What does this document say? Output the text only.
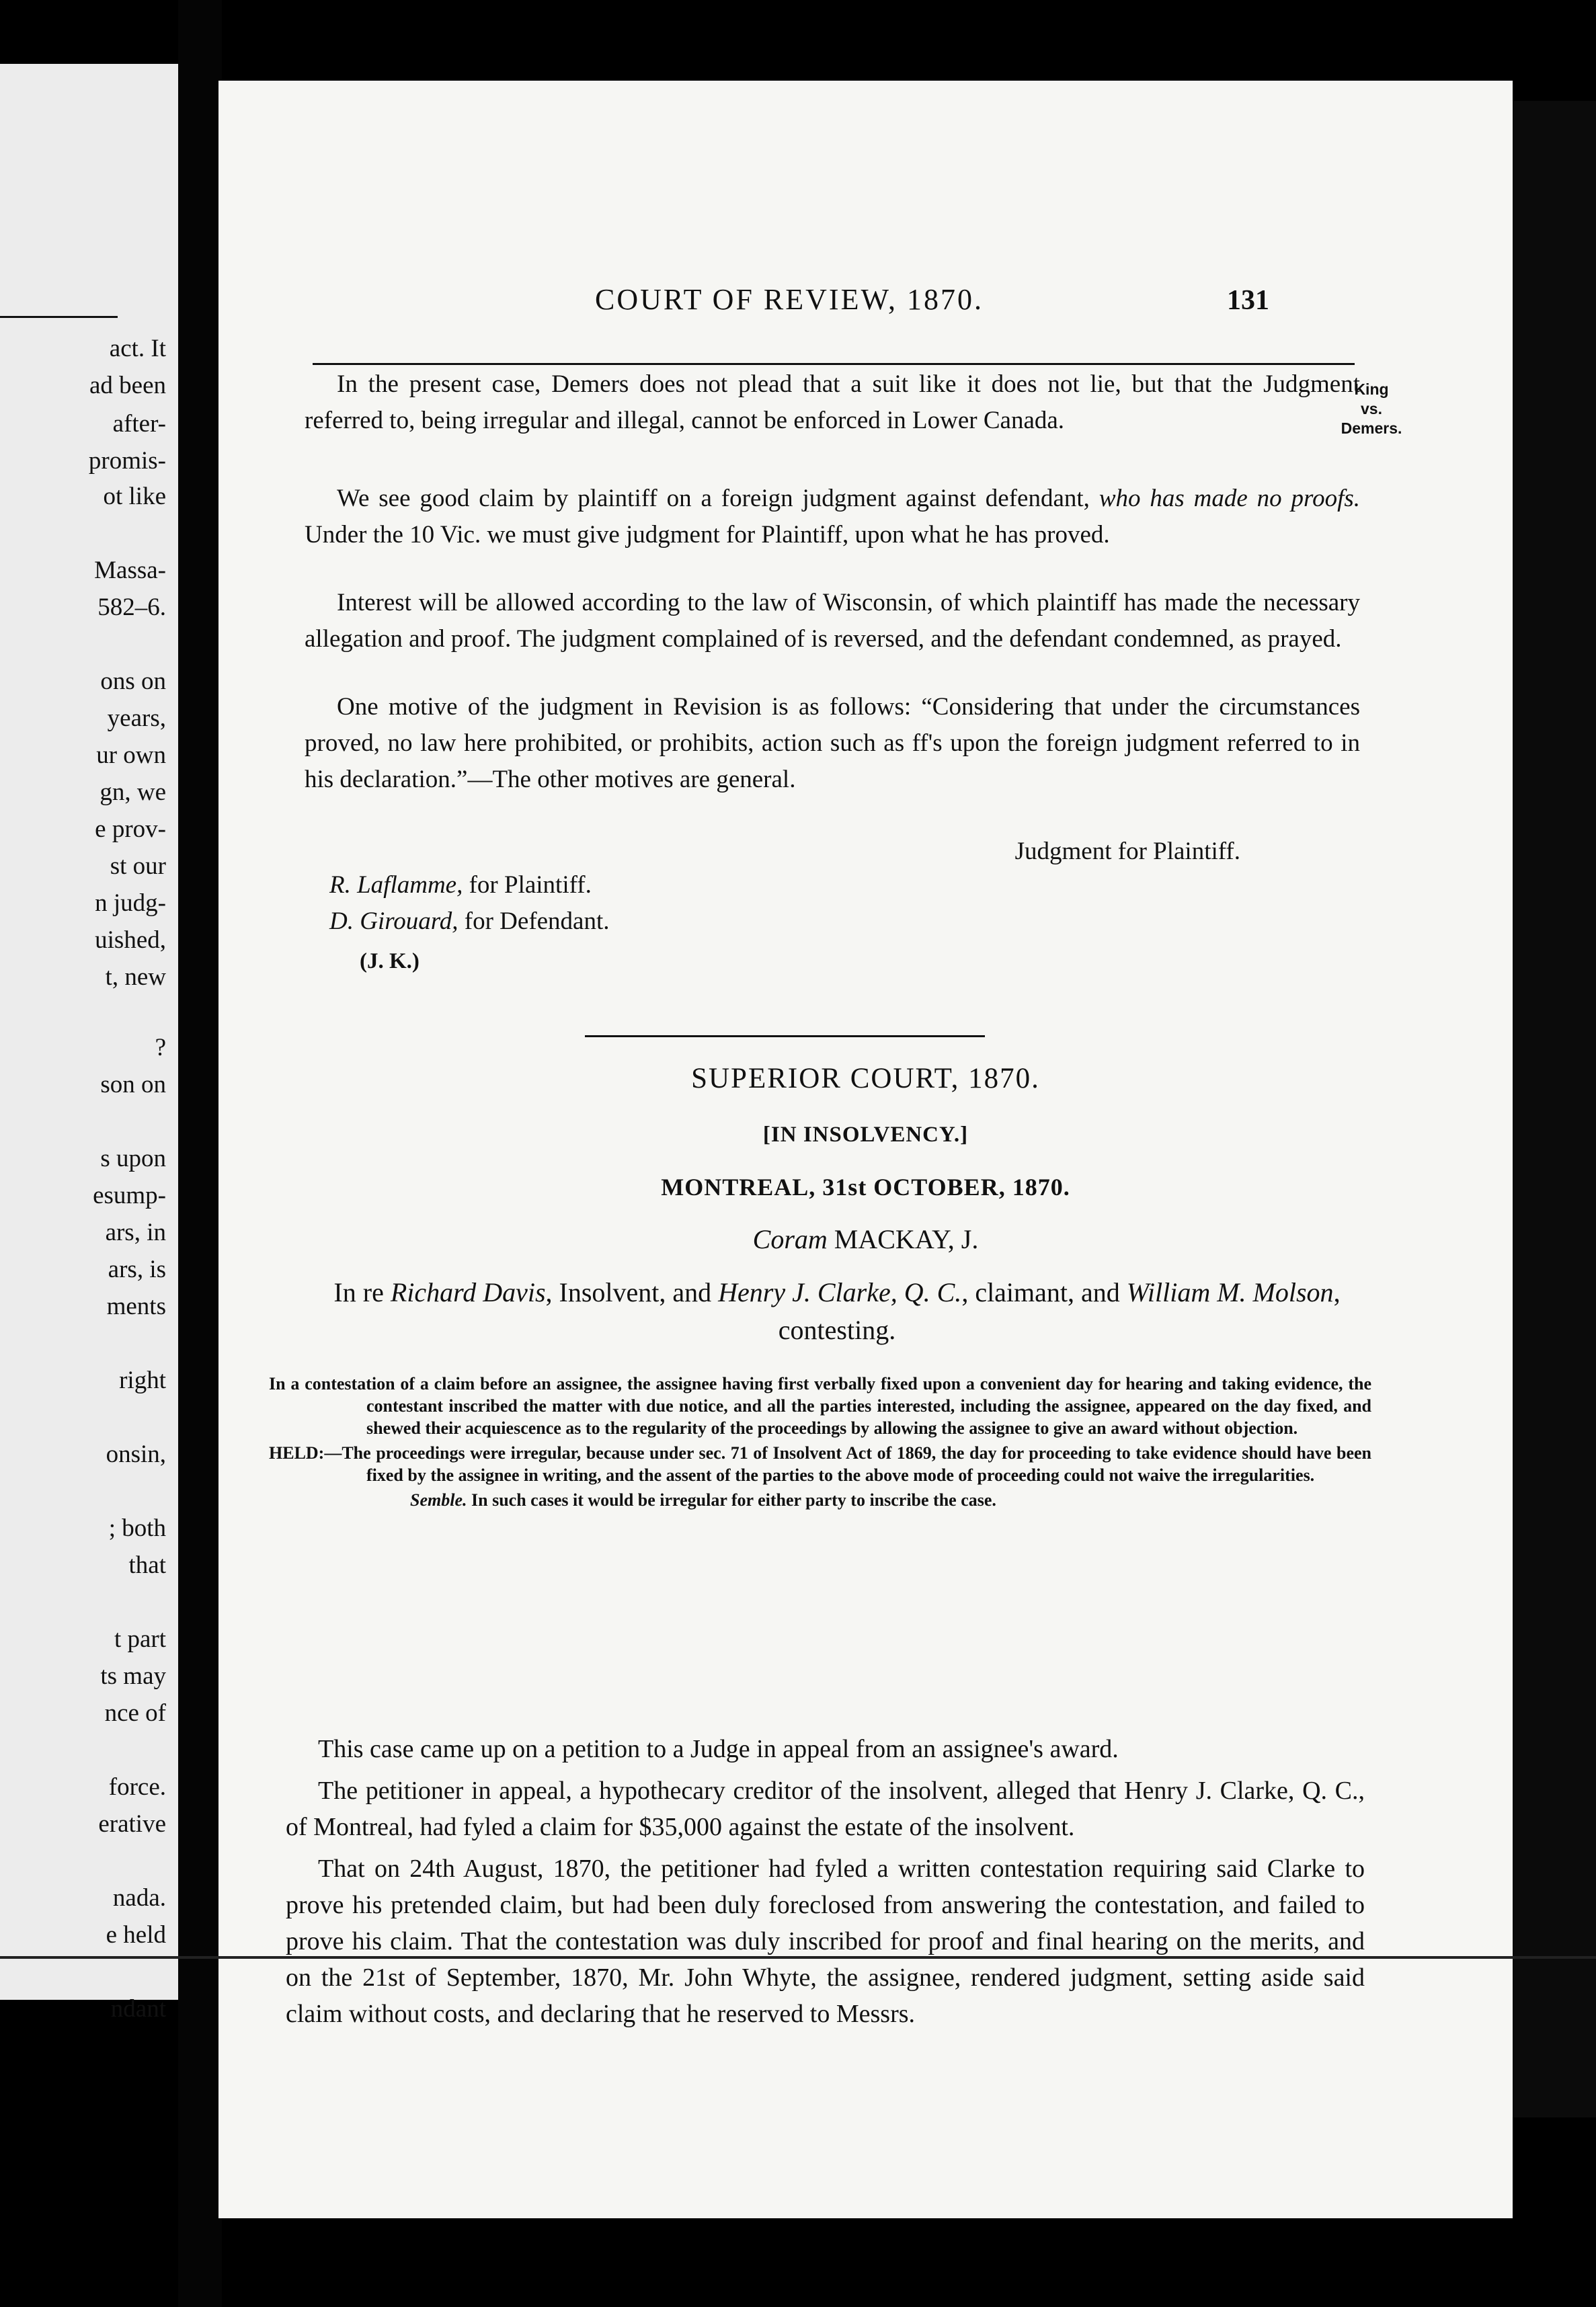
act. It
ad been
after-
promis-
ot like
Massa-
582–6.
ons on
years,
ur own
gn, we
e prov-
st our
n judg-
uished,
t, new
?
son on
s upon
esump-
ars, in
ars, is
ments
right
onsin,
; both
that
t part
ts may
nce of
force.
erative
nada.
e held
ndant
COURT OF REVIEW, 1870.	131
King
vs.
Demers.

In the present case, Demers does not plead that a suit like it does not lie, but that the Judgment referred to, being irregular and illegal, cannot be enforced in Lower Canada.

We see good claim by plaintiff on a foreign judgment against defendant, who has made no proofs. Under the 10 Vic. we must give judgment for Plaintiff, upon what he has proved.

Interest will be allowed according to the law of Wisconsin, of which plaintiff has made the necessary allegation and proof. The judgment complained of is reversed, and the defendant condemned, as prayed.

One motive of the judgment in Revision is as follows: “Considering that under the circumstances proved, no law here prohibited, or prohibits, action such as ff's upon the foreign judgment referred to in his declaration.”—The other motives are general.

Judgment for Plaintiff.
R. Laflamme, for Plaintiff.
D. Girouard, for Defendant.
(J. K.)
SUPERIOR COURT, 1870.
[IN INSOLVENCY.]
MONTREAL, 31st OCTOBER, 1870.
Coram MACKAY, J.
In re Richard Davis, Insolvent, and Henry J. Clarke, Q. C., claimant, and William M. Molson, contesting.

In a contestation of a claim before an assignee, the assignee having first verbally fixed upon a convenient day for hearing and taking evidence, the contestant inscribed the matter with due notice, and all the parties interested, including the assignee, appeared on the day fixed, and shewed their acquiescence as to the regularity of the proceedings by allowing the assignee to give an award without objection.

HELD:—The proceedings were irregular, because under sec. 71 of Insolvent Act of 1869, the day for proceeding to take evidence should have been fixed by the assignee in writing, and the assent of the parties to the above mode of proceeding could not waive the irregularities.

Semble. In such cases it would be irregular for either party to inscribe the case.

This case came up on a petition to a Judge in appeal from an assignee's award.

The petitioner in appeal, a hypothecary creditor of the insolvent, alleged that Henry J. Clarke, Q. C., of Montreal, had fyled a claim for $35,000 against the estate of the insolvent.

That on 24th August, 1870, the petitioner had fyled a written contestation requiring said Clarke to prove his pretended claim, but had been duly foreclosed from answering the contestation, and failed to prove his claim. That the contestation was duly inscribed for proof and final hearing on the merits, and on the 21st of September, 1870, Mr. John Whyte, the assignee, rendered judgment, setting aside said claim without costs, and declaring that he reserved to Messrs.
